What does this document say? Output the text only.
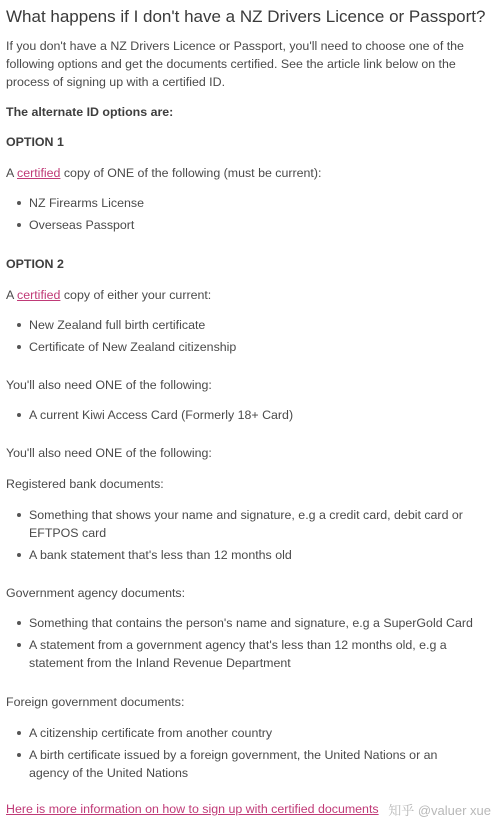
What happens if I don't have a NZ Drivers Licence or Passport?
If you don't have a NZ Drivers Licence or Passport, you'll need to choose one of the following options and get the documents certified. See the article link below on the process of signing up with a certified ID.
The alternate ID options are:
OPTION 1
A certified copy of ONE of the following (must be current):
NZ Firearms License
Overseas Passport
OPTION 2
A certified copy of either your current:
New Zealand full birth certificate
Certificate of New Zealand citizenship
You'll also need ONE of the following:
A current Kiwi Access Card (Formerly 18+ Card)
You'll also need ONE of the following:
Registered bank documents:
Something that shows your name and signature, e.g a credit card, debit card or EFTPOS card
A bank statement that's less than 12 months old
Government agency documents:
Something that contains the person's name and signature, e.g a SuperGold Card
A statement from a government agency that's less than 12 months old, e.g a statement from the Inland Revenue Department
Foreign government documents:
A citizenship certificate from another country
A birth certificate issued by a foreign government, the United Nations or an agency of the United Nations
Here is more information on how to sign up with certified documents 知乎 @valuer xue
